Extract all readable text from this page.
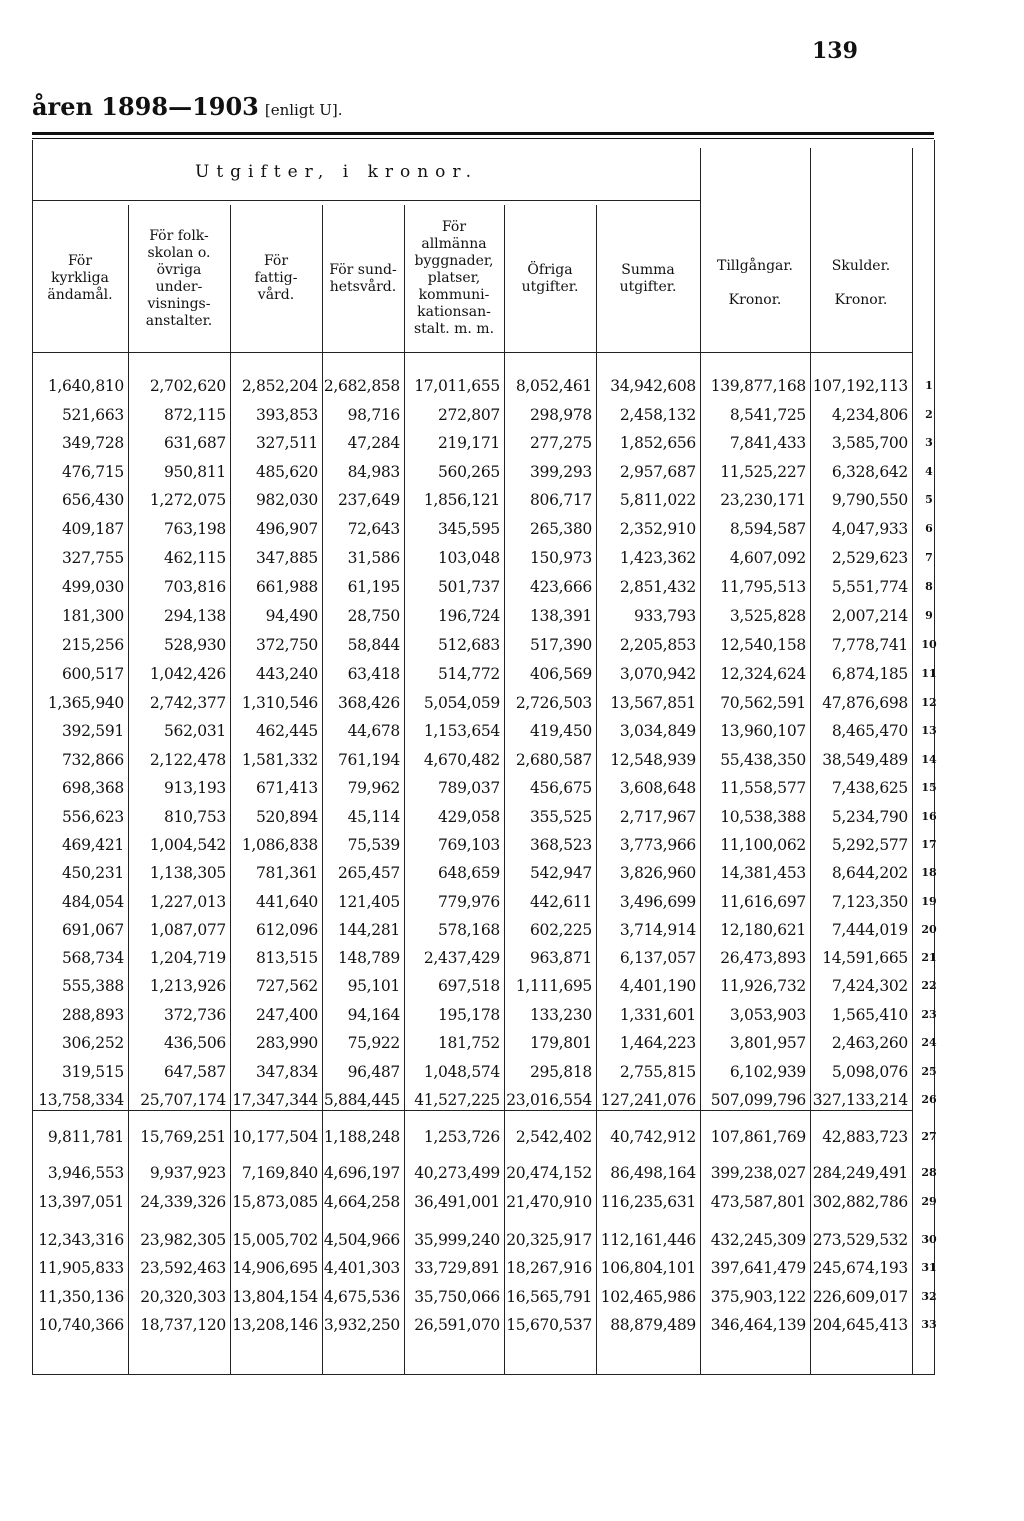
139
åren 1898—1903 [enligt U].
Utgifter, i kronor.
För
kyrkliga
ändamål.
För folk-
skolan o.
övriga
under-
visnings-
anstalter.
För
fattig-
vård.
För sund-
hetsvård.
För
allmänna
byggnader,
platser,
kommuni-
kationsan-
stalt. m. m.
Öfriga
utgifter.
Summa
utgifter.
Tillgångar.

Kronor.
Skulder.

Kronor.
1,640,810	2,702,620	2,852,204 2,682,858 17,011,655	8,052,461	34,942,608 139,877,168 107,192,113	1
521,663	872,115	393,853	98,716	272,807	298,978	2,458,132	8,541,725	4,234,806	2
349,728	631,687	327,511	47,284	219,171	277,275	1,852,656	7,841,433	3,585,700	3
476,715	950,811	485,620	84,983	560,265	399,293	2,957,687	11,525,227	6,328,642	4
656,430	1,272,075	982,030	237,649	1,856,121	806,717	5,811,022	23,230,171	9,790,550	5
409,187	763,198	496,907	72,643	345,595	265,380	2,352,910	8,594,587	4,047,933	6
327,755	462,115	347,885	31,586	103,048	150,973	1,423,362	4,607,092	2,529,623	7
499,030	703,816	661,988	61,195	501,737	423,666	2,851,432	11,795,513	5,551,774	8
181,300	294,138	94,490	28,750	196,724	138,391	933,793	3,525,828	2,007,214	9
215,256	528,930	372,750	58,844	512,683	517,390	2,205,853	12,540,158	7,778,741 10
600,517	1,042,426	443,240	63,418	514,772	406,569	3,070,942	12,324,624	6,874,185 11
1,365,940	2,742,377	1,310,546	368,426	5,054,059	2,726,503	13,567,851	70,562,591	47,876,698 12
392,591	562,031	462,445	44,678	1,153,654	419,450	3,034,849	13,960,107	8,465,470 13
732,866	2,122,478	1,581,332	761,194	4,670,482	2,680,587	12,548,939	55,438,350	38,549,489 14
698,368	913,193	671,413	79,962	789,037	456,675	3,608,648	11,558,577	7,438,625 15
556,623	810,753	520,894	45,114	429,058	355,525	2,717,967	10,538,388	5,234,790 16
469,421	1,004,542	1,086,838	75,539	769,103	368,523	3,773,966	11,100,062	5,292,577 17
450,231	1,138,305	781,361	265,457	648,659	542,947	3,826,960	14,381,453	8,644,202 18
484,054	1,227,013	441,640	121,405	779,976	442,611	3,496,699	11,616,697	7,123,350 19
691,067	1,087,077	612,096	144,281	578,168	602,225	3,714,914	12,180,621	7,444,019 20
568,734	1,204,719	813,515	148,789	2,437,429	963,871	6,137,057	26,473,893	14,591,665 21
555,388	1,213,926	727,562	95,101	697,518	1,111,695	4,401,190	11,926,732	7,424,302 22
288,893	372,736	247,400	94,164	195,178	133,230	1,331,601	3,053,903	1,565,410 23
306,252	436,506	283,990	75,922	181,752	179,801	1,464,223	3,801,957	2,463,260 24
319,515	647,587	347,834	96,487	1,048,574	295,818	2,755,815	6,102,939	5,098,076 25
13,758,334	25,707,174 17,347,344 5,884,445 41,527,225 23,016,554 127,241,076 507,099,796 327,133,214 26
9,811,781	15,769,251 10,177,504 1,188,248	1,253,726	2,542,402	40,742,912 107,861,769	42,883,723 27
3,946,553	9,937,923	7,169,840 4,696,197 40,273,499 20,474,152	86,498,164 399,238,027 284,249,491 28
13,397,051	24,339,326 15,873,085 4,664,258 36,491,001 21,470,910 116,235,631 473,587,801 302,882,786 29
12,343,316	23,982,305 15,005,702 4,504,966 35,999,240 20,325,917 112,161,446 432,245,309 273,529,532 30
11,905,833	23,592,463 14,906,695 4,401,303 33,729,891 18,267,916 106,804,101 397,641,479 245,674,193 31
11,350,136	20,320,303 13,804,154 4,675,536 35,750,066 16,565,791 102,465,986 375,903,122 226,609,017 32
10,740,366	18,737,120 13,208,146 3,932,250 26,591,070 15,670,537	88,879,489 346,464,139 204,645,413 33
